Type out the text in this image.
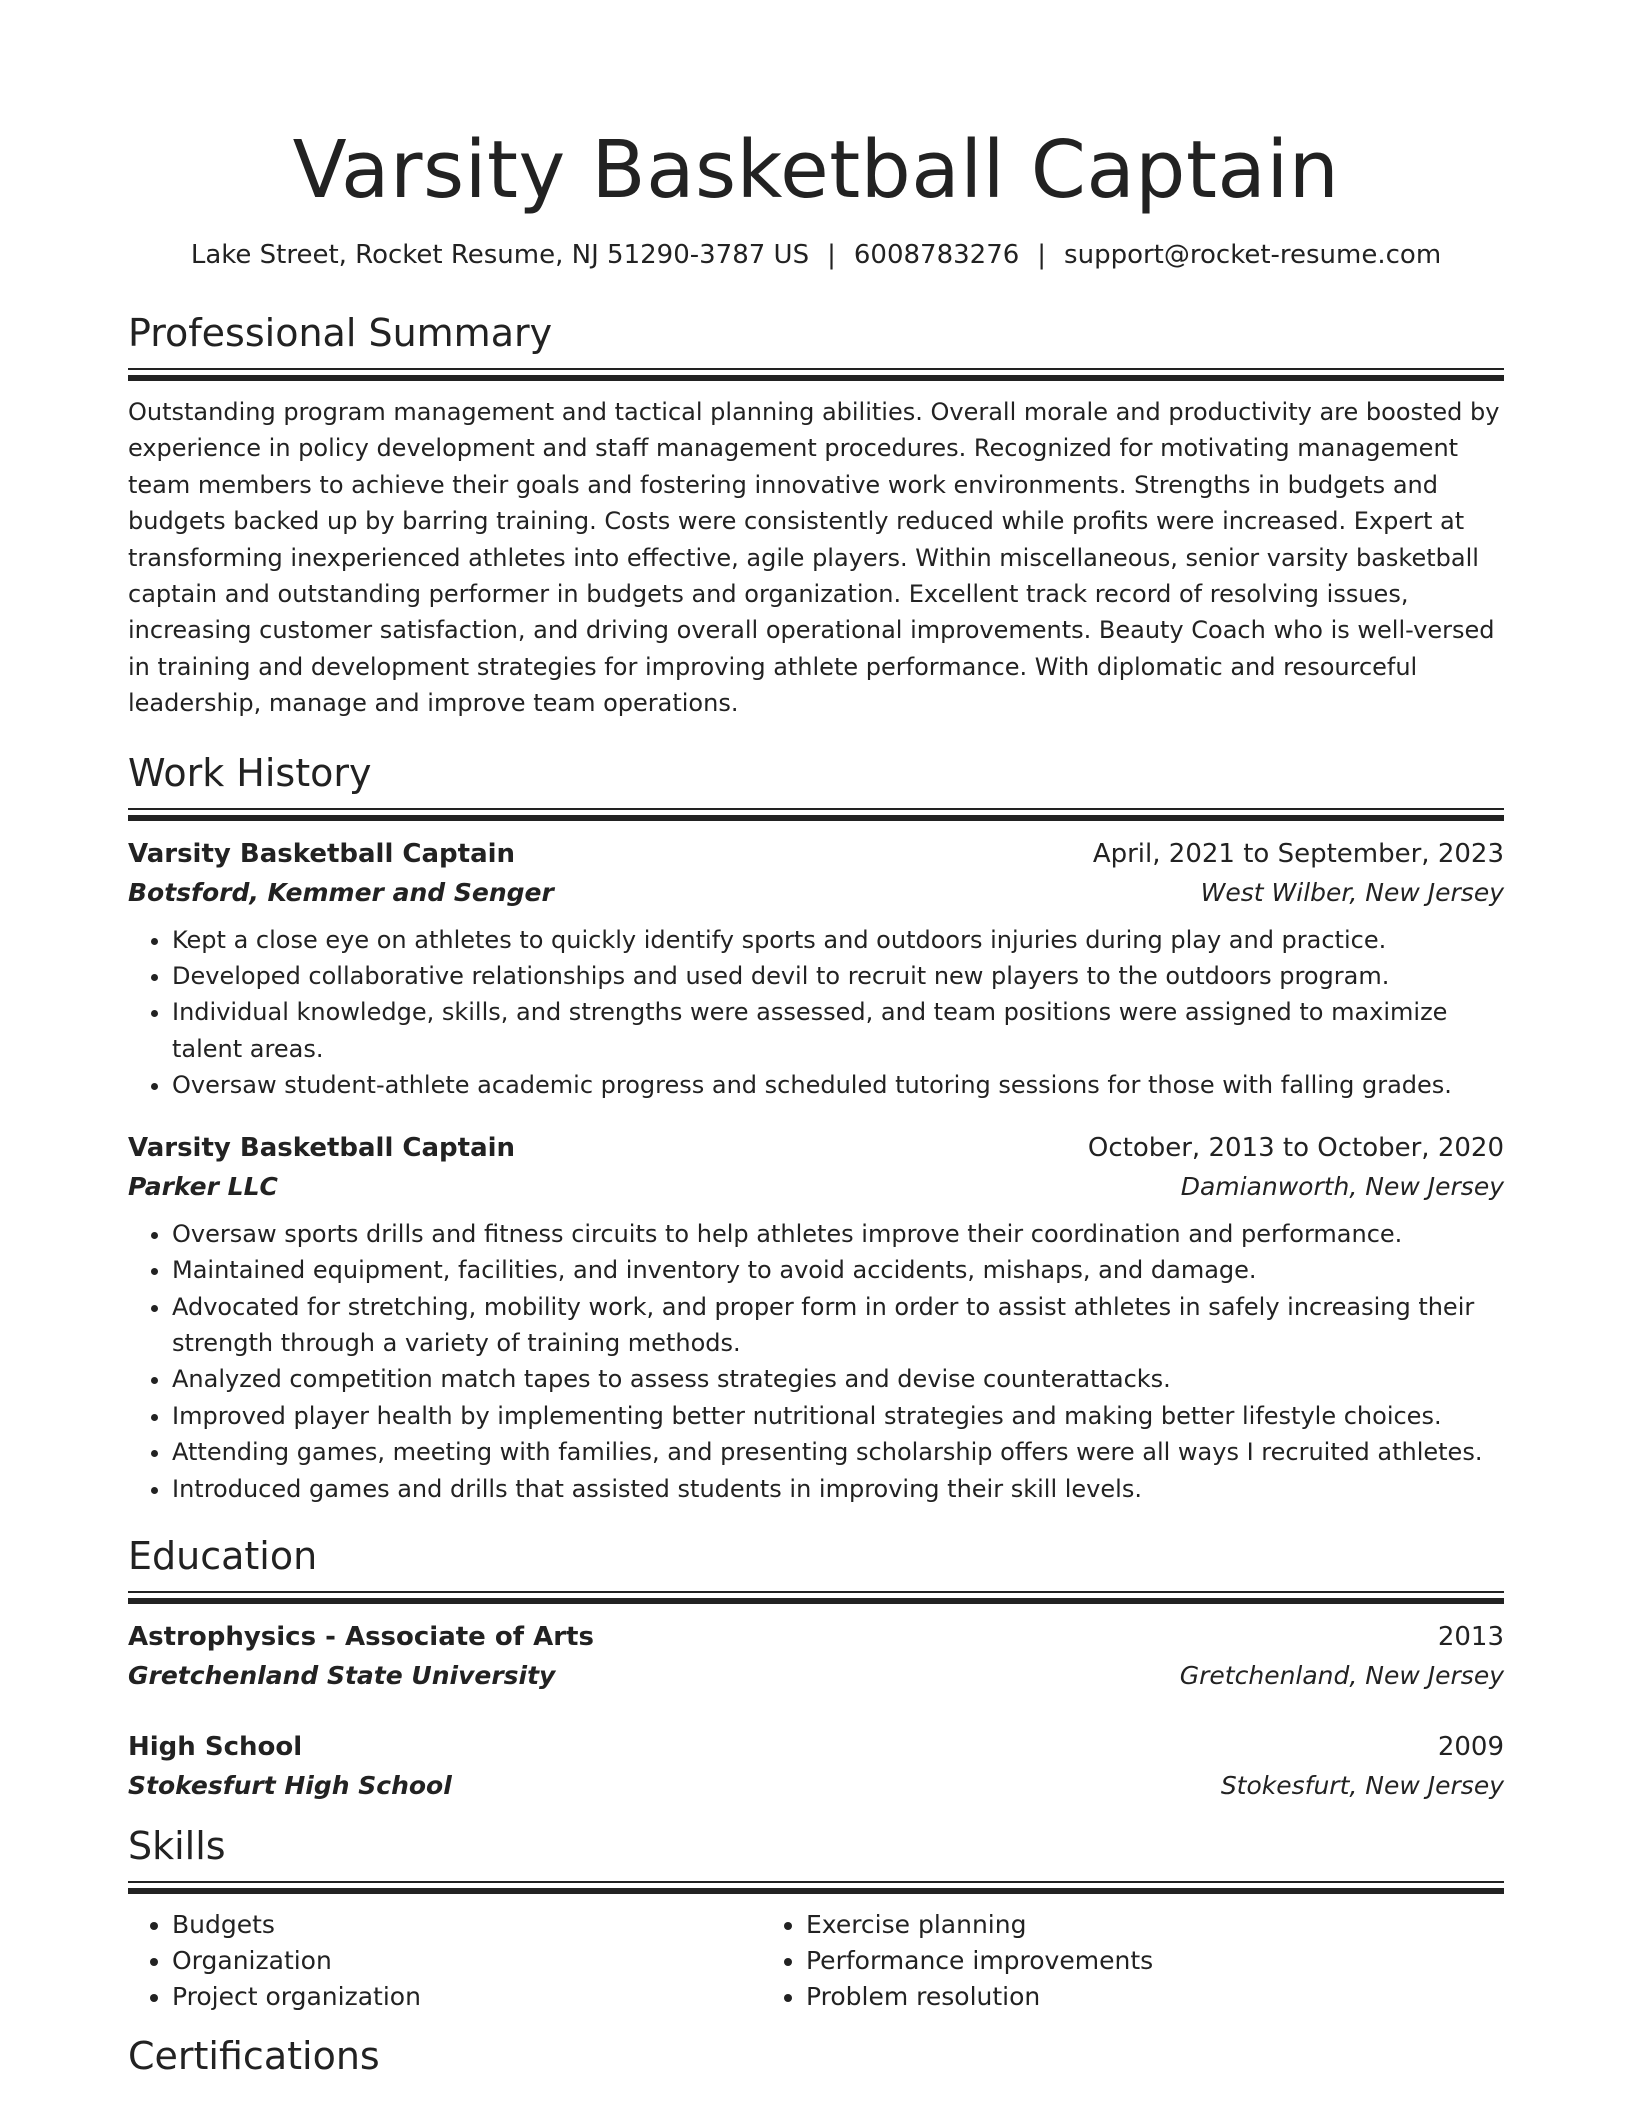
Varsity Basketball Captain
Lake Street, Rocket Resume, NJ 51290-3787 US | 6008783276 | support@rocket-resume.com
Professional Summary

Outstanding program management and tactical planning abilities. Overall morale and productivity are boosted by experience in policy development and staff management procedures. Recognized for motivating management team members to achieve their goals and fostering innovative work environments. Strengths in budgets and budgets backed up by barring training. Costs were consistently reduced while profits were increased. Expert at transforming inexperienced athletes into effective, agile players. Within miscellaneous, senior varsity basketball captain and outstanding performer in budgets and organization. Excellent track record of resolving issues, increasing customer satisfaction, and driving overall operational improvements. Beauty Coach who is well-versed in training and development strategies for improving athlete performance. With diplomatic and resourceful leadership, manage and improve team operations.

Work History
Varsity Basketball Captain	April, 2021 to September, 2023
Botsford, Kemmer and Senger	West Wilber, New Jersey
• Kept a close eye on athletes to quickly identify sports and outdoors injuries during play and practice.
• Developed collaborative relationships and used devil to recruit new players to the outdoors program.
• Individual knowledge, skills, and strengths were assessed, and team positions were assigned to maximize talent areas.
• Oversaw student-athlete academic progress and scheduled tutoring sessions for those with falling grades.
Varsity Basketball Captain	October, 2013 to October, 2020
Parker LLC	Damianworth, New Jersey
• Oversaw sports drills and fitness circuits to help athletes improve their coordination and performance.
• Maintained equipment, facilities, and inventory to avoid accidents, mishaps, and damage.
• Advocated for stretching, mobility work, and proper form in order to assist athletes in safely increasing their strength through a variety of training methods.
• Analyzed competition match tapes to assess strategies and devise counterattacks.
• Improved player health by implementing better nutritional strategies and making better lifestyle choices.
• Attending games, meeting with families, and presenting scholarship offers were all ways I recruited athletes.
• Introduced games and drills that assisted students in improving their skill levels.
Education
Astrophysics - Associate of Arts	2013
Gretchenland State University	Gretchenland, New Jersey
High School	2009
Stokesfurt High School	Stokesfurt, New Jersey
Skills
• Budgets
• Organization
• Project organization
• Exercise planning
• Performance improvements
• Problem resolution
Certifications
